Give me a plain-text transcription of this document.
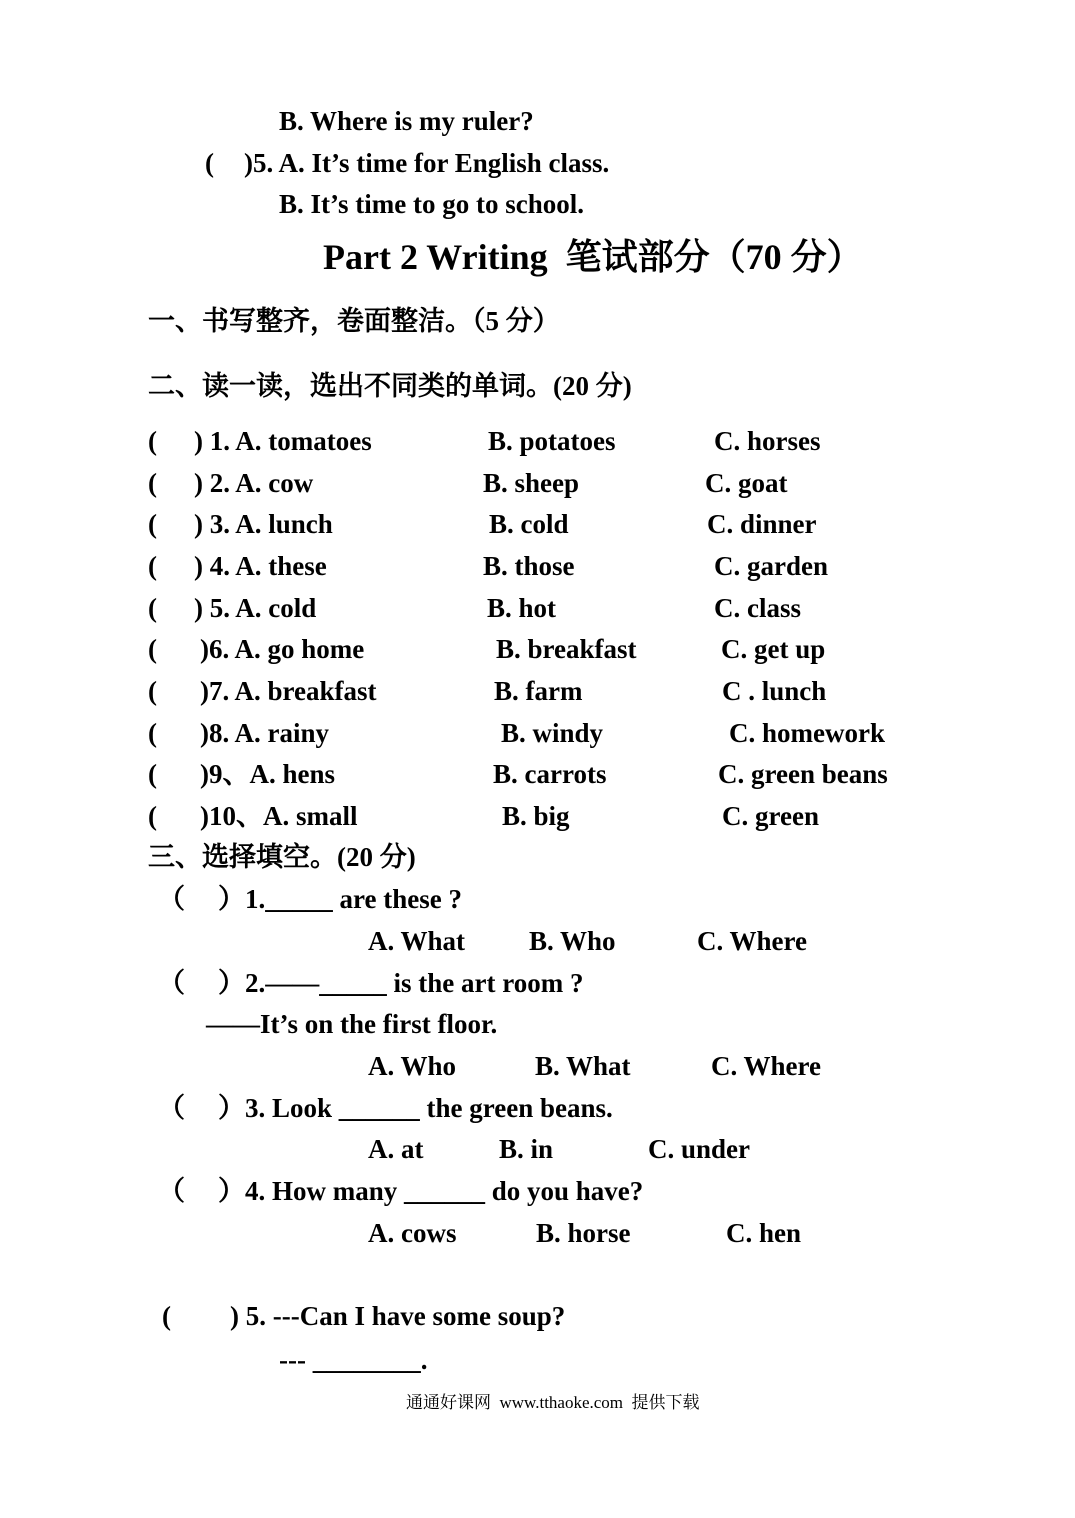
B. Where is my ruler?
( )5. A. It’s time for English class.
B. It’s time to go to school.
Part 2 Writing  笔试部分（70 分）
一、书写整齐，卷面整洁。（5 分）
二、读一读，选出不同类的单词。(20 分)
( ) 1. A. tomatoes	B. potatoes	C. horses
( ) 2. A. cow	B. sheep	C. goat
( ) 3. A. lunch	B. cold	C. dinner
( ) 4. A. these	B. those	C. garden
( ) 5. A. cold	B. hot	C. class
( )6. A. go home	B. breakfast	C. get up
( )7. A. breakfast	B. farm	C . lunch
( )8. A. rainy	B. windy	C. homework
( )9、A. hens	B. carrots	C. green beans
( )10、A. small	B. big	C. green
三、选择填空。(20 分)
（ ）1._____ are these ?
A. What B. Who	C. Where
（ ）2.——_____ is the art room ?
——It’s on the first floor.
A. Who	B. What	C. Where
（ ）3. Look ______ the green beans.
A. at	B. in	C. under
（ ）4. How many ______ do you have?
A. cows	B. horse	C. hen
( ) 5. ---Can I have some soup?
--- ________.
通通好课网  www.tthaoke.com  提供下载
